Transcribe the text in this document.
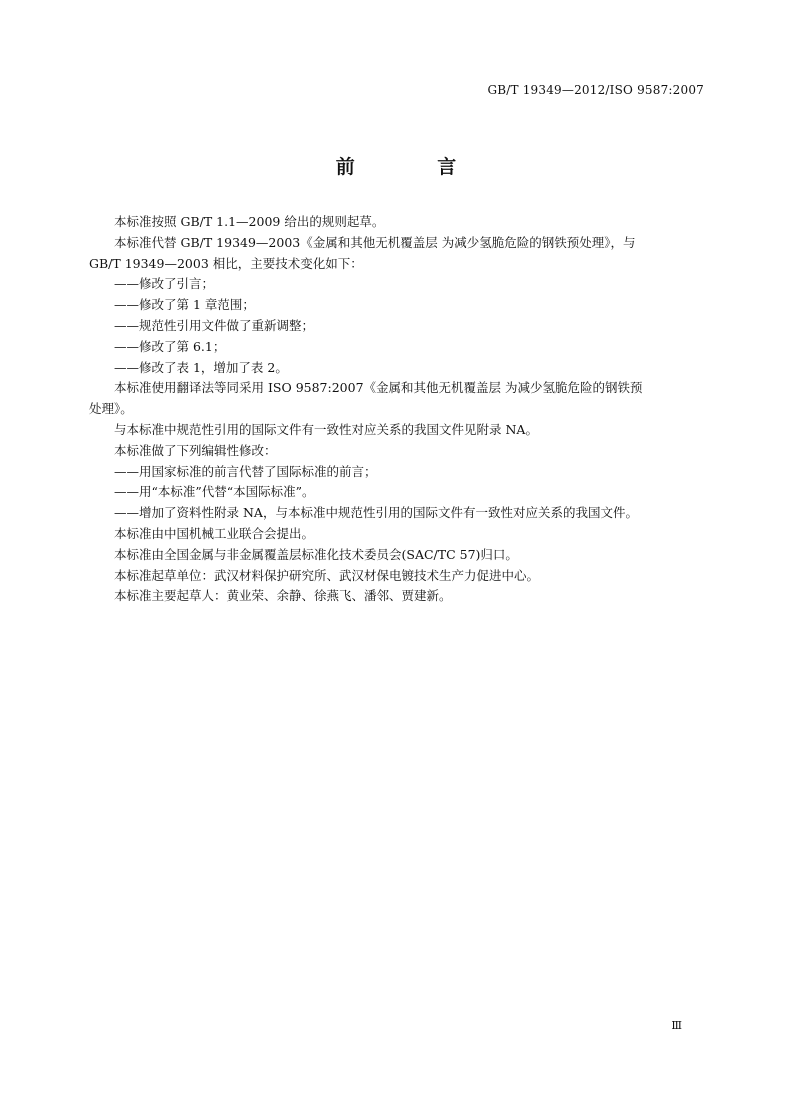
GB/T 19349—2012/ISO 9587:2007
前 言

本标准按照 GB/T 1.1—2009 给出的规则起草。

本标准代替 GB/T 19349—2003《金属和其他无机覆盖层 为减少氢脆危险的钢铁预处理》，与

GB/T 19349—2003 相比，主要技术变化如下：

——修改了引言；

——修改了第 1 章范围；

——规范性引用文件做了重新调整；

——修改了第 6.1；

——修改了表 1，增加了表 2。

本标准使用翻译法等同采用 ISO 9587:2007《金属和其他无机覆盖层 为减少氢脆危险的钢铁预

处理》。

与本标准中规范性引用的国际文件有一致性对应关系的我国文件见附录 NA。

本标准做了下列编辑性修改：

——用国家标准的前言代替了国际标准的前言；

——用“本标准”代替“本国际标准”。

——增加了资料性附录 NA，与本标准中规范性引用的国际文件有一致性对应关系的我国文件。

本标准由中国机械工业联合会提出。

本标准由全国金属与非金属覆盖层标准化技术委员会(SAC/TC 57)归口。

本标准起草单位：武汉材料保护研究所、武汉材保电镀技术生产力促进中心。

本标准主要起草人：黄业荣、余静、徐燕飞、潘邻、贾建新。

Ⅲ
